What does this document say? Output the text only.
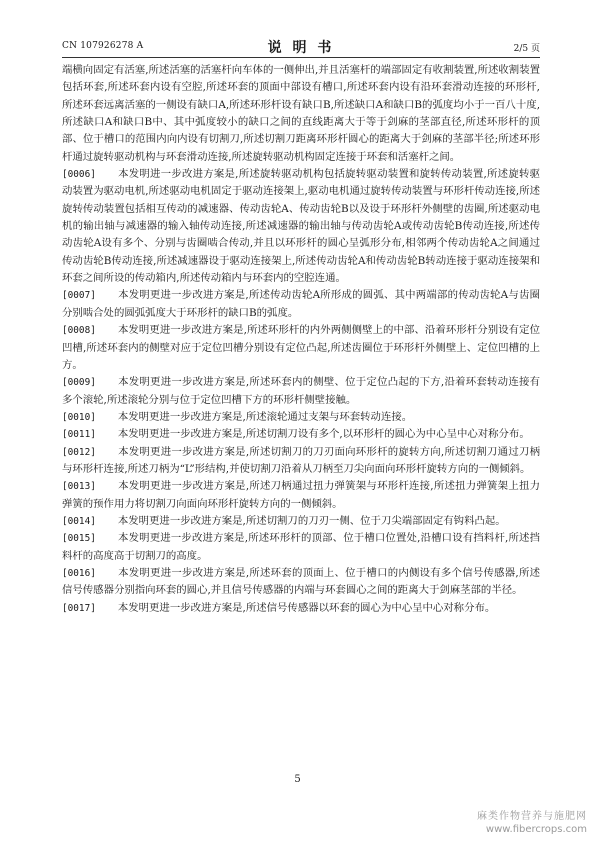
CN 107926278 A	说 明 书	2/5 页

端横向固定有活塞,所述活塞的活塞杆向车体的一侧伸出,并且活塞杆的端部固定有收割装置,所述收割装置包括环套,所述环套内设有空腔,所述环套的顶面中部设有槽口,所述环套内设有沿环套滑动连接的环形杆,所述环套远离活塞的一侧设有缺口A,所述环形杆设有缺口B,所述缺口A和缺口B的弧度均小于一百八十度,所述缺口A和缺口B中、其中弧度较小的缺口之间的直线距离大于等于剑麻的茎部直径,所述环形杆的顶部、位于槽口的范围内向内设有切割刀,所述切割刀距离环形杆圆心的距离大于剑麻的茎部半径;所述环形杆通过旋转驱动机构与环套滑动连接,所述旋转驱动机构固定连接于环套和活塞杆之间。

[0006] 本发明进一步改进方案是,所述旋转驱动机构包括旋转驱动装置和旋转传动装置,所述旋转驱动装置为驱动电机,所述驱动电机固定于驱动连接架上,驱动电机通过旋转传动装置与环形杆传动连接,所述旋转传动装置包括相互传动的减速器、传动齿轮A、传动齿轮B以及设于环形杆外侧壁的齿圈,所述驱动电机的输出轴与减速器的输入轴传动连接,所述减速器的输出轴与传动齿轮A或传动齿轮B传动连接,所述传动齿轮A设有多个、分别与齿圈啮合传动,并且以环形杆的圆心呈弧形分布,相邻两个传动齿轮A之间通过传动齿轮B传动连接,所述减速器设于驱动连接架上,所述传动齿轮A和传动齿轮B转动连接于驱动连接架和环套之间所设的传动箱内,所述传动箱内与环套内的空腔连通。

[0007] 本发明更进一步改进方案是,所述传动齿轮A所形成的圆弧、其中两端部的传动齿轮A与齿圈分别啮合处的圆弧弧度大于环形杆的缺口B的弧度。

[0008] 本发明更进一步改进方案是,所述环形杆的内外两侧侧壁上的中部、沿着环形杆分别设有定位凹槽,所述环套内的侧壁对应于定位凹槽分别设有定位凸起,所述齿圈位于环形杆外侧壁上、定位凹槽的上方。

[0009] 本发明更进一步改进方案是,所述环套内的侧壁、位于定位凸起的下方,沿着环套转动连接有多个滚轮,所述滚轮分别与位于定位凹槽下方的环形杆侧壁接触。

[0010] 本发明更进一步改进方案是,所述滚轮通过支架与环套转动连接。

[0011] 本发明更进一步改进方案是,所述切割刀设有多个,以环形杆的圆心为中心呈中心对称分布。

[0012] 本发明更进一步改进方案是,所述切割刀的刀刃面向环形杆的旋转方向,所述切割刀通过刀柄与环形杆连接,所述刀柄为“L”形结构,并使切割刀沿着从刀柄至刀尖向面向环形杆旋转方向的一侧倾斜。

[0013] 本发明更进一步改进方案是,所述刀柄通过扭力弹簧架与环形杆连接,所述扭力弹簧架上扭力弹簧的预作用力将切割刀向面向环形杆旋转方向的一侧倾斜。

[0014] 本发明更进一步改进方案是,所述切割刀的刀刃一侧、位于刀尖端部固定有钩料凸起。

[0015] 本发明更进一步改进方案是,所述环形杆的顶部、位于槽口位置处,沿槽口设有挡料杆,所述挡料杆的高度高于切割刀的高度。

[0016] 本发明更进一步改进方案是,所述环套的顶面上、位于槽口的内侧设有多个信号传感器,所述信号传感器分别指向环套的圆心,并且信号传感器的内端与环套圆心之间的距离大于剑麻茎部的半径。

[0017] 本发明更进一步改进方案是,所述信号传感器以环套的圆心为中心呈中心对称分布。

5
麻类作物营养与施肥网
www.fibercrops.com
